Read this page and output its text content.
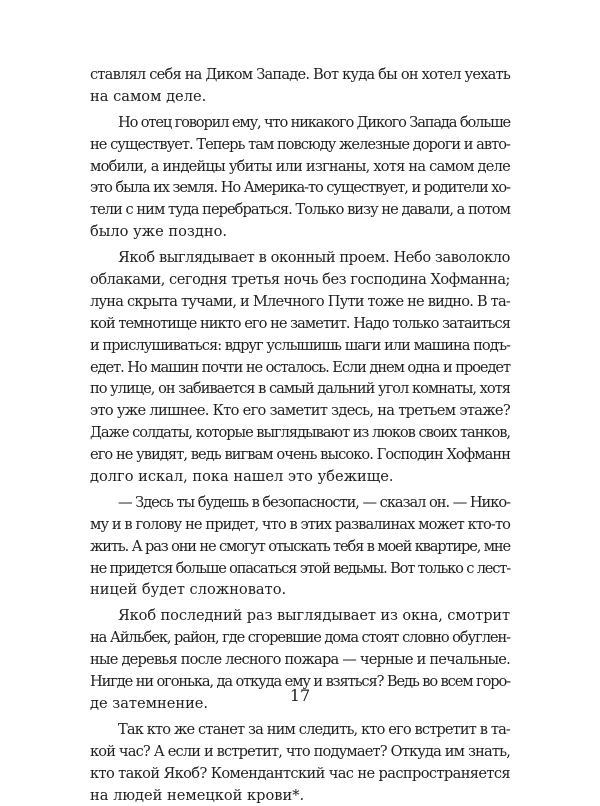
ставлял себя на Диком Западе. Вот куда бы он хотел уехать
на самом деле.

Но отец говорил ему, что никакого Дикого Запада больше
не существует. Теперь там повсюду железные дороги и авто-
мобили, а индейцы убиты или изгнаны, хотя на самом деле
это была их земля. Но Америка-то существует, и родители хо-
тели с ним туда перебраться. Только визу не давали, а потом
было уже поздно.

Якоб выглядывает в оконный проем. Небо заволокло
облаками, сегодня третья ночь без господина Хофманна;
луна скрыта тучами, и Млечного Пути тоже не видно. В та-
кой темнотище никто его не заметит. Надо только затаиться
и прислушиваться: вдруг услышишь шаги или машина подъ-
едет. Но машин почти не осталось. Если днем одна и проедет
по улице, он забивается в самый дальний угол комнаты, хотя
это уже лишнее. Кто его заметит здесь, на третьем этаже?
Даже солдаты, которые выглядывают из люков своих танков,
его не увидят, ведь вигвам очень высоко. Господин Хофманн
долго искал, пока нашел это убежище.

— Здесь ты будешь в безопасности, — сказал он. — Нико-
му и в голову не придет, что в этих развалинах может кто-то
жить. А раз они не смогут отыскать тебя в моей квартире, мне
не придется больше опасаться этой ведьмы. Вот только с лест-
ницей будет сложновато.

Якоб последний раз выглядывает из окна, смотрит
на Айльбек, район, где сгоревшие дома стоят словно обуглен-
ные деревья после лесного пожара — черные и печальные.
Нигде ни огонька, да откуда ему и взяться? Ведь во всем горо-
де затемнение.

Так кто же станет за ним следить, кто его встретит в та-
кой час? А если и встретит, что подумает? Откуда им знать,
кто такой Якоб? Комендантский час не распространяется
на людей немецкой крови*.

17
